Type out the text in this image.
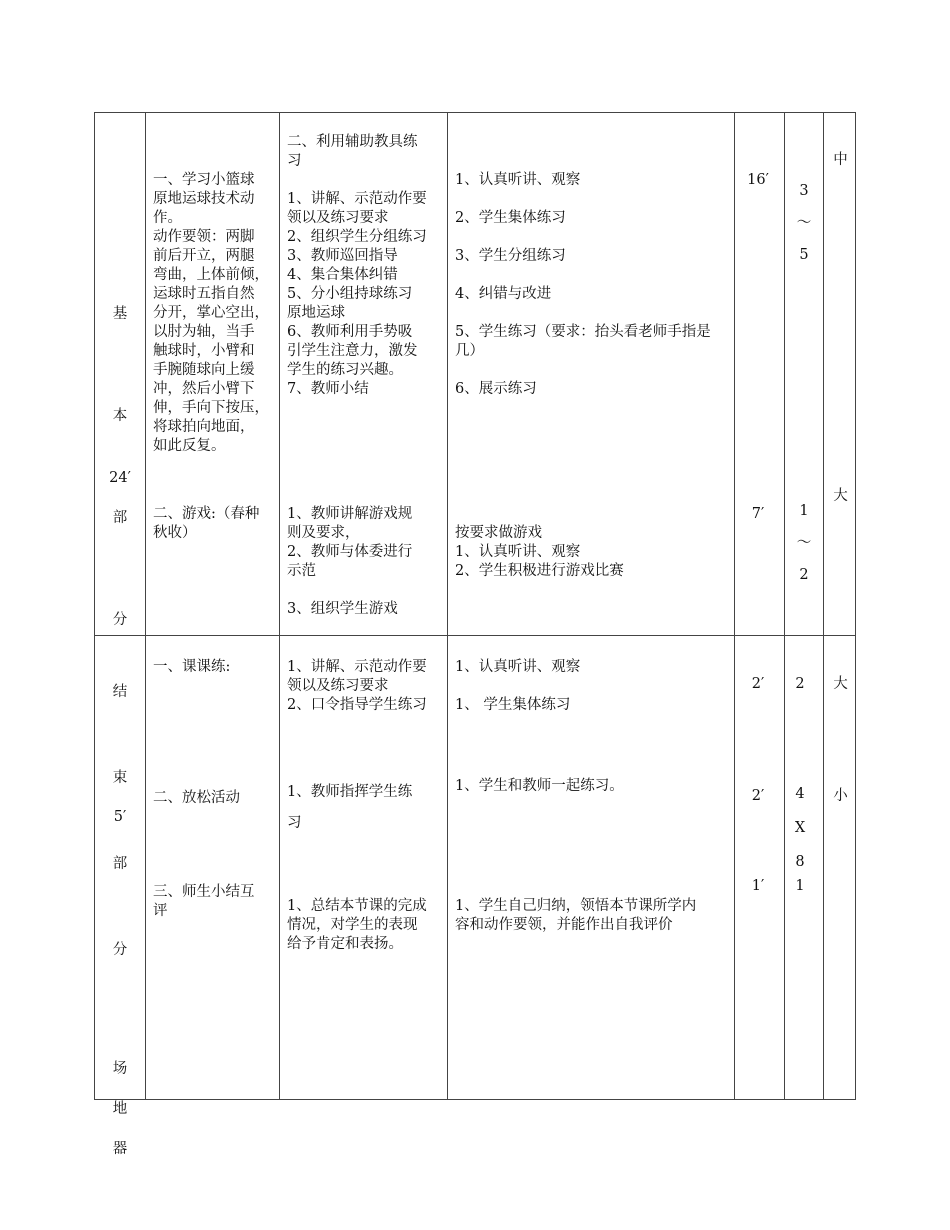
基

本

部

分

24′
一、学习小篮球
原地运球技术动
作。
动作要领：两脚
前后开立，两腿
弯曲，上体前倾，
运球时五指自然
分开，掌心空出，
以肘为轴，当手
触球时，小臂和
手腕随球向上缓
冲，然后小臂下
伸，手向下按压，
将球拍向地面，
如此反复。
二、游戏:（春种
秋收）
二、利用辅助教具练
习

1、讲解、示范动作要
领以及练习要求
2、组织学生分组练习
3、教师巡回指导
4、集合集体纠错
5、分小组持球练习
原地运球
6、教师利用手势吸
引学生注意力，激发
学生的练习兴趣。
7、教师小结
1、教师讲解游戏规
则及要求，
2、教师与体委进行
示范

3、组织学生游戏
1、认真听讲、观察

2、学生集体练习

3、学生分组练习

4、纠错与改进

5、学生练习（要求：抬头看老师手指是
几）

6、展示练习
按要求做游戏
1、认真听讲、观察
2、学生积极进行游戏比赛
16′
7′

3

～

5

1

～

2

中
大

结

束

部

分

5′
一、课课练:
二、放松活动
三、师生小结互
评
1、讲解、示范动作要
领以及练习要求
2、口令指导学生练习
1、教师指挥学生练
习
1、总结本节课的完成
情况，对学生的表现
给予肯定和表扬。
1、认真听讲、观察

1、 学生集体练习
1、学生和教师一起练习。
1、学生自己归纳，领悟本节课所学内
容和动作要领，并能作出自我评价
2′
2′
1′
2

4

X

8

1
大
小

场

地

器
